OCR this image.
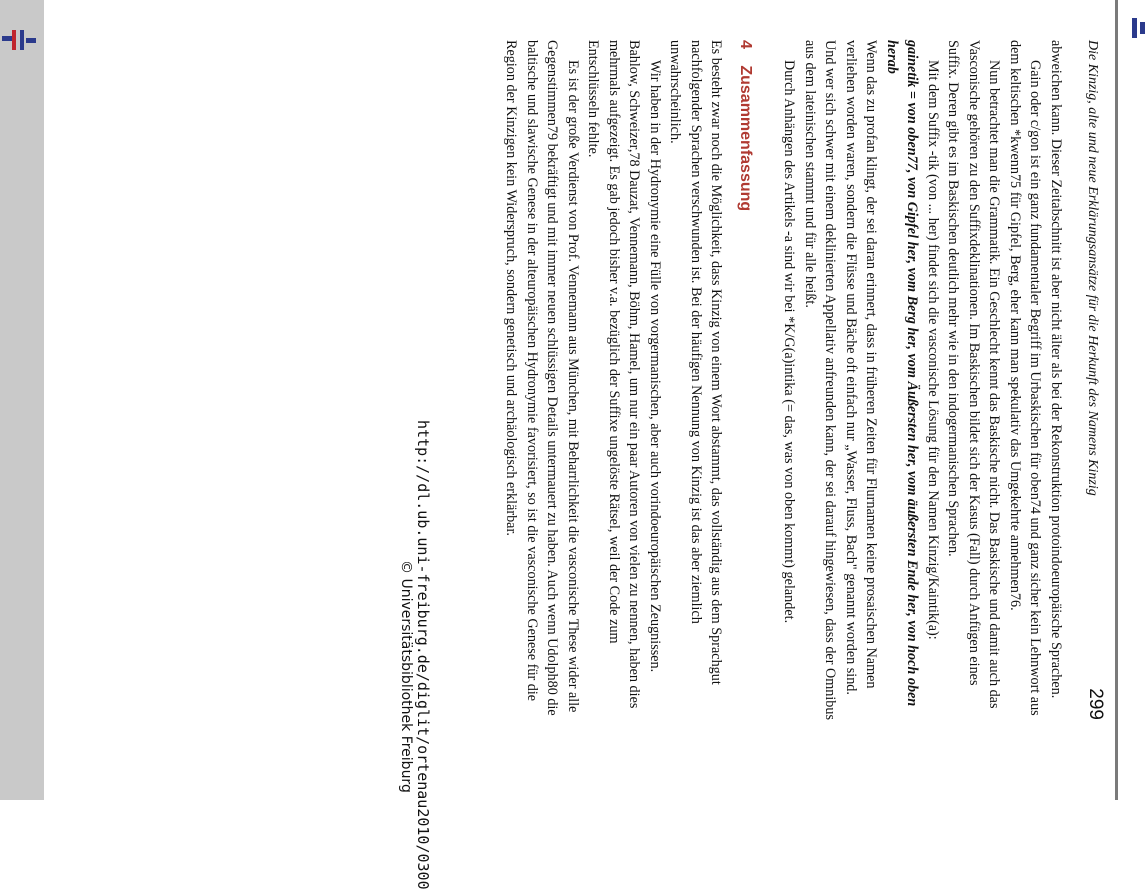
http://dl.ub.uni-freiburg.de/diglit/ortenau2010/0300
© Universitätsbibliothek Freiburg
Die Kinzig, alte und neue Erklärungsansätze für die Herkunft des Namens Kinzig
299

abweichen kann. Dieser Zeitabschnitt ist aber nicht älter als bei der Rekonstruktion protoindoeuropäische Sprachen.

Gain oder c/gon ist ein ganz fundamentaler Begriff im Urbaskischen für oben74 und ganz sicher kein Lehnwort aus dem keltischen *kwenn75 für Gipfel, Berg, eher kann man spekulativ das Umgekehrte annehmen76.

Nun betrachtet man die Grammatik. Ein Geschlecht kennt das Baskische nicht. Das Baskische und damit auch das Vasconische gehören zu den Suffixdeklinationen. Im Baskischen bildet sich der Kasus (Fall) durch Anfügen eines Suffix. Deren gibt es im Baskischen deutlich mehr wie in den indogermanischen Sprachen.

Mit dem Suffix -tik (von ... her) findet sich die vasconische Lösung für den Namen Kinzig/Kaintik(a):

gainetik = von oben77, von Gipfel her, vom Berg her, vom Äußersten her, vom äußersten Ende her, von hoch oben herab

Wenn das zu profan klingt, der sei daran erinnert, dass in früheren Zeiten für Flurnamen keine prosaischen Namen verliehen worden waren, sondern die Flüsse und Bäche oft einfach nur „Wasser, Fluss, Bach" genannt worden sind. Und wer sich schwer mit einem deklinierten Appellativ anfreunden kann, der sei darauf hingewiesen, dass der Omnibus aus dem lateinischen stammt und für alle heißt.

Durch Anhängen des Artikels -a sind wir bei *K/G(a)intika (= das, was von oben kommt) gelandet.

4 Zusammenfassung

Es besteht zwar noch die Möglichkeit, dass Kinzig von einem Wort abstammt, das vollständig aus dem Sprachgut nachfolgender Sprachen verschwunden ist. Bei der häufigen Nennung von Kinzig ist das aber ziemlich unwahrscheinlich.

Wir haben in der Hydronymie eine Fülle von vorgermanischen, aber auch vorindoeuropäischen Zeugnissen. Bahlow, Schweizer,78 Dauzat, Vennemann, Böhm, Hamel, um nur ein paar Autoren von vielen zu nennen, haben dies mehrmals aufgezeigt. Es gab jedoch bisher v.a. bezüglich der Suffixe ungelöste Rätsel, weil der Code zum Entschlüsseln fehlte.

Es ist der große Verdienst von Prof. Vennemann aus München, mit Beharrlichkeit die vasconische These wider alle Gegenstimmen79 bekräftigt und mit immer neuen schlüssigen Details untermauert zu haben. Auch wenn Udolph80 die baltische und slawische Genese in der alteuropäischen Hydronymie favorisiert, so ist die vasconische Genese für die Region der Kinzigen kein Widerspruch, sondern genetisch und archäologisch erklärbar.
